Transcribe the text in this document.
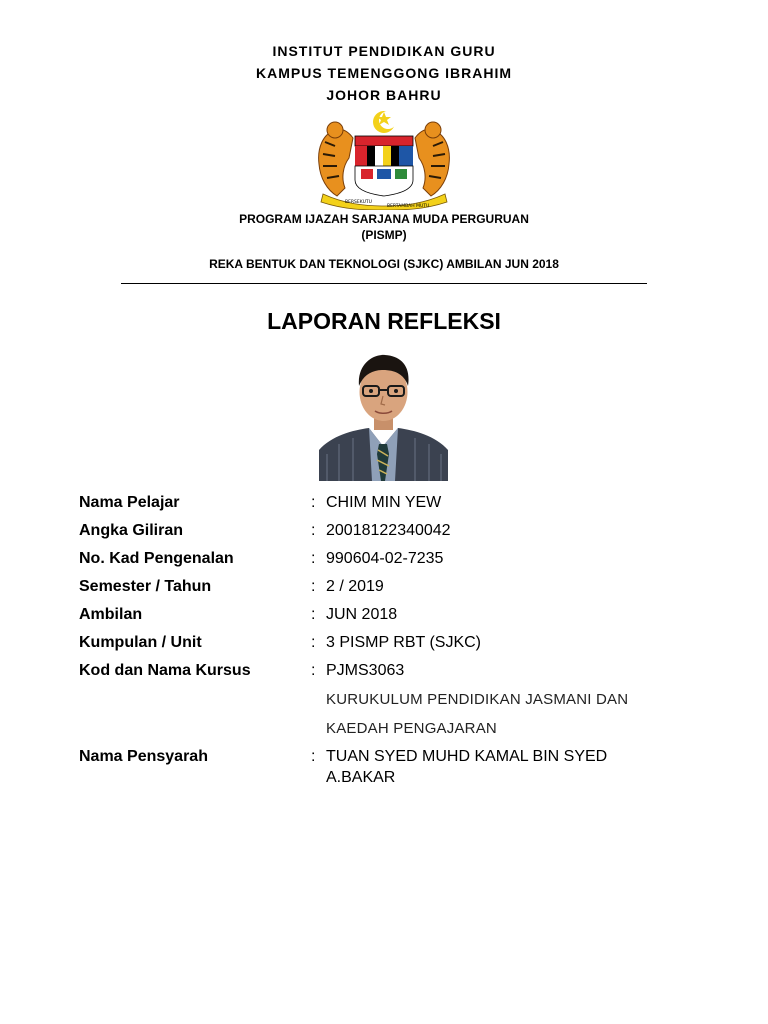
INSTITUT PENDIDIKAN GURU
KAMPUS TEMENGGONG IBRAHIM
JOHOR BAHRU
BERSEKUTU
BERTAMBAH MUTU
PROGRAM IJAZAH SARJANA MUDA PERGURUAN
(PISMP)
REKA BENTUK DAN TEKNOLOGI (SJKC) AMBILAN JUN 2018
LAPORAN REFLEKSI
Nama Pelajar	: CHIM MIN YEW
Angka Giliran	: 20018122340042
No. Kad Pengenalan	: 990604-02-7235
Semester / Tahun	: 2 / 2019
Ambilan	: JUN 2018
Kumpulan / Unit	: 3 PISMP RBT (SJKC)
Kod dan Nama Kursus	: PJMS3063
KURUKULUM PENDIDIKAN JASMANI DAN
KAEDAH PENGAJARAN
Nama Pensyarah	: TUAN SYED MUHD KAMAL BIN SYED
A.BAKAR
